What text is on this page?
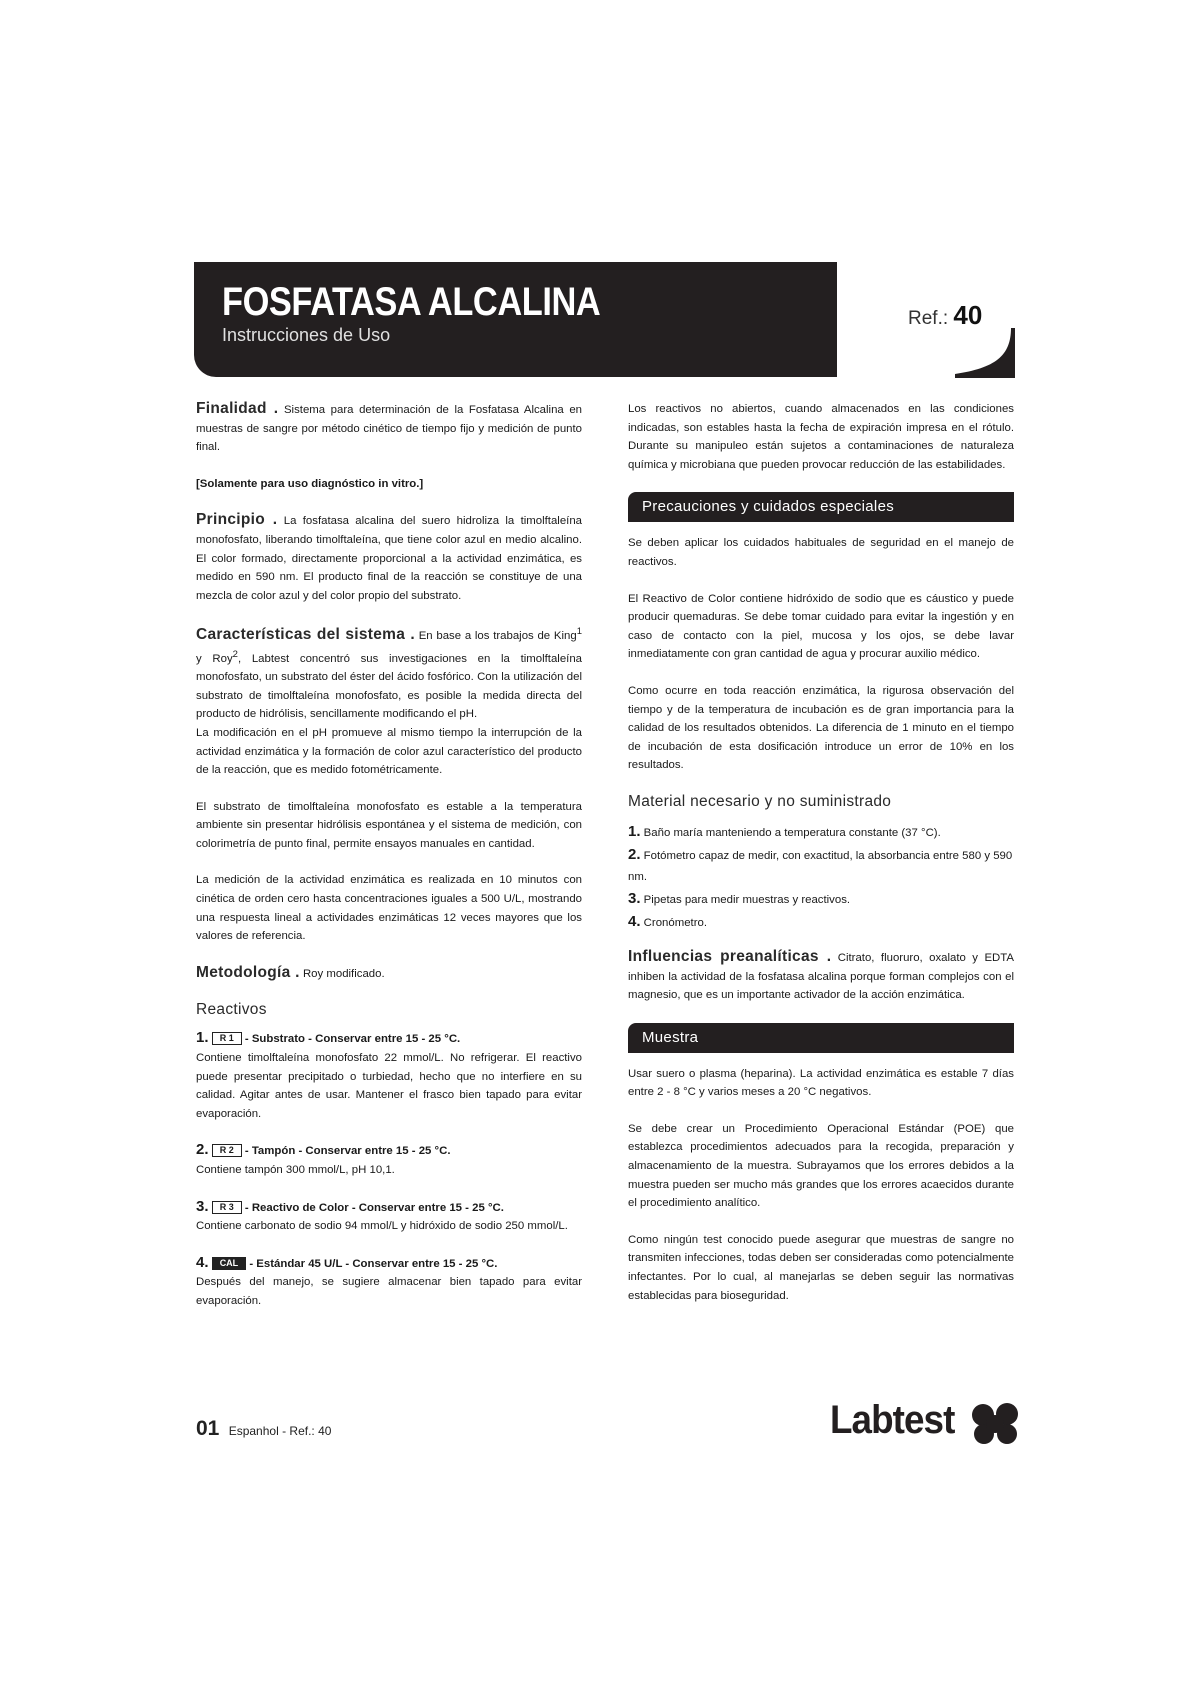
FOSFATASA ALCALINA
Instrucciones de Uso
Ref.: 40

Finalidad . Sistema para determinación de la Fosfatasa Alcalina en muestras de sangre por método cinético de tiempo fijo y medición de punto final.

[Solamente para uso diagnóstico in vitro.]

Principio . La fosfatasa alcalina del suero hidroliza la timolftaleína monofosfato, liberando timolftaleína, que tiene color azul en medio alcalino. El color formado, directamente proporcional a la actividad enzimática, es medido en 590 nm. El producto final de la reacción se constituye de una mezcla de color azul y del color propio del substrato.

Características del sistema . En base a los trabajos de King$^1$ y Roy$^2$, Labtest concentró sus investigaciones en la timolftaleína monofosfato, un substrato del éster del ácido fosfórico. Con la utilización del substrato de timolftaleína monofosfato, es posible la medida directa del producto de hidrólisis, sencillamente modificando el pH.
La modificación en el pH promueve al mismo tiempo la interrupción de la actividad enzimática y la formación de color azul característico del producto de la reacción, que es medido fotométricamente.

El substrato de timolftaleína monofosfato es estable a la temperatura ambiente sin presentar hidrólisis espontánea y el sistema de medición, con colorimetría de punto final, permite ensayos manuales en cantidad.

La medición de la actividad enzimática es realizada en 10 minutos con cinética de orden cero hasta concentraciones iguales a 500 U/L, mostrando una respuesta lineal a actividades enzimáticas 12 veces mayores que los valores de referencia.

Metodología . Roy modificado.

Reactivos
1. R 1 - Substrato - Conservar entre 15 - 25 °C.
Contiene timolftaleína monofosfato 22 mmol/L. No refrigerar. El reactivo puede presentar precipitado o turbiedad, hecho que no interfiere en su calidad. Agitar antes de usar. Mantener el frasco bien tapado para evitar evaporación.
2. R 2 - Tampón - Conservar entre 15 - 25 °C.
Contiene tampón 300 mmol/L, pH 10,1.
3. R 3 - Reactivo de Color - Conservar entre 15 - 25 °C.
Contiene carbonato de sodio 94 mmol/L y hidróxido de sodio 250 mmol/L.
4. CAL - Estándar 45 U/L - Conservar entre 15 - 25 °C.
Después del manejo, se sugiere almacenar bien tapado para evitar evaporación.

Los reactivos no abiertos, cuando almacenados en las condiciones indicadas, son estables hasta la fecha de expiración impresa en el rótulo. Durante su manipuleo están sujetos a contaminaciones de naturaleza química y microbiana que pueden provocar reducción de las estabilidades.

Precauciones y cuidados especiales

Se deben aplicar los cuidados habituales de seguridad en el manejo de reactivos.

El Reactivo de Color contiene hidróxido de sodio que es cáustico y puede producir quemaduras. Se debe tomar cuidado para evitar la ingestión y en caso de contacto con la piel, mucosa y los ojos, se debe lavar inmediatamente con gran cantidad de agua y procurar auxilio médico.

Como ocurre en toda reacción enzimática, la rigurosa observación del tiempo y de la temperatura de incubación es de gran importancia para la calidad de los resultados obtenidos. La diferencia de 1 minuto en el tiempo de incubación de esta dosificación introduce un error de 10% en los resultados.

Material necesario y no suministrado
1. Baño maría manteniendo a temperatura constante (37 °C).
2. Fotómetro capaz de medir, con exactitud, la absorbancia entre 580 y 590 nm.
3. Pipetas para medir muestras y reactivos.
4. Cronómetro.

Influencias preanalíticas . Citrato, fluoruro, oxalato y EDTA inhiben la actividad de la fosfatasa alcalina porque forman complejos con el magnesio, que es un importante activador de la acción enzimática.

Muestra

Usar suero o plasma (heparina). La actividad enzimática es estable 7 días entre 2 - 8 °C y varios meses a 20 °C negativos.

Se debe crear un Procedimiento Operacional Estándar (POE) que establezca procedimientos adecuados para la recogida, preparación y almacenamiento de la muestra. Subrayamos que los errores debidos a la muestra pueden ser mucho más grandes que los errores acaecidos durante el procedimiento analítico.

Como ningún test conocido puede asegurar que muestras de sangre no transmiten infecciones, todas deben ser consideradas como potencialmente infectantes. Por lo cual, al manejarlas se deben seguir las normativas establecidas para bioseguridad.

01 Espanhol - Ref.: 40	Labtest
